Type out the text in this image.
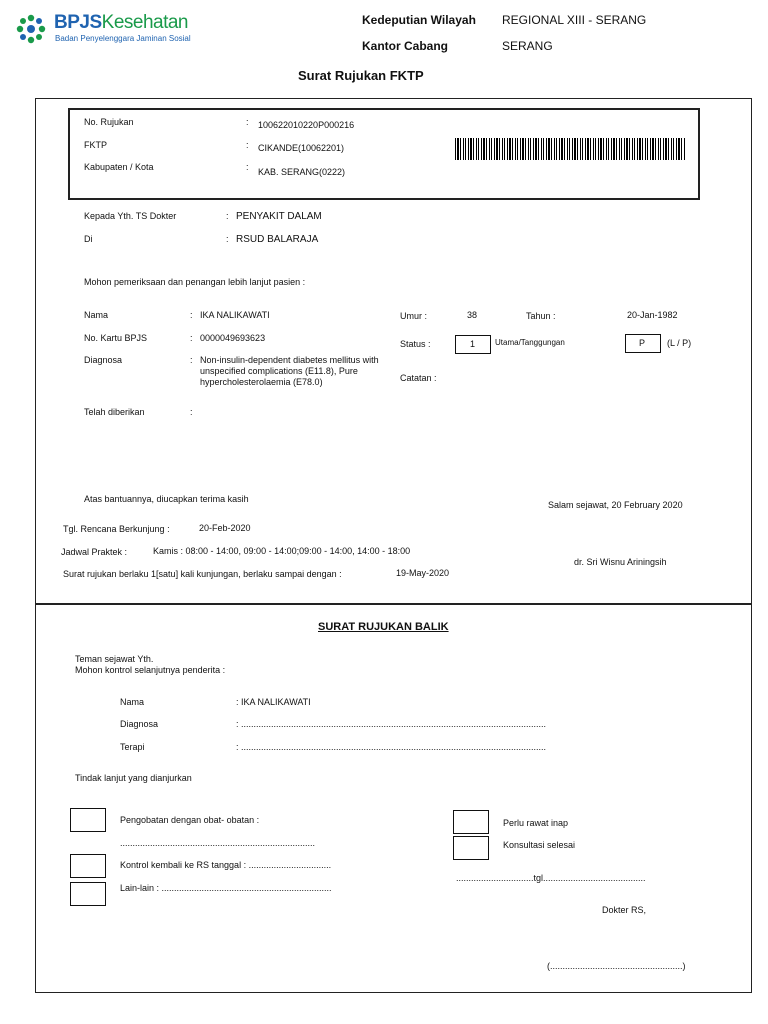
BPJSKesehatan
Badan Penyelenggara Jaminan Sosial
Kedeputian Wilayah REGIONAL XIII - SERANG
Kantor Cabang	SERANG
Surat Rujukan FKTP
No. Rujukan	: 100622010220P000216
FKTP	: CIKANDE(10062201)
Kabupaten / Kota	: KAB. SERANG(0222)
Kepada Yth. TS Dokter	: PENYAKIT DALAM
Di	: RSUD BALARAJA
Mohon pemeriksaan dan penangan lebih lanjut pasien :
Nama	: IKA NALIKAWATI
No. Kartu BPJS	: 0000049693623
Diagnosa	: Non-insulin-dependent diabetes mellitus with unspecified complications (E11.8), Pure hypercholesterolaemia (E78.0)
Telah diberikan	:
Umur :	38	Tahun :	20-Jan-1982
Status :	1 Utama/Tanggungan	P (L / P)
Catatan :
Atas bantuannya, diucapkan terima kasih
Salam sejawat, 20 February 2020
Tgl. Rencana Berkunjung :	20-Feb-2020
Jadwal Praktek :	Kamis : 08:00 - 14:00, 09:00 - 14:00;09:00 - 14:00, 14:00 - 18:00
dr. Sri Wisnu Ariningsih
Surat rujukan berlaku 1[satu] kali kunjungan, berlaku sampai dengan :	19-May-2020
SURAT RUJUKAN BALIK
Teman sejawat Yth.
Mohon kontrol selanjutnya penderita :
Nama	: IKA NALIKAWATI
Diagnosa	: ..........................................................................................................................
Terapi	: ..........................................................................................................................
Tindak lanjut yang dianjurkan
Pengobatan dengan obat- obatan :
..............................................................................
Kontrol kembali ke RS tanggal : .................................
Lain-lain : ....................................................................
Perlu rawat inap
Konsultasi selesai
...............................tgl.........................................
Dokter RS,
(.....................................................)
